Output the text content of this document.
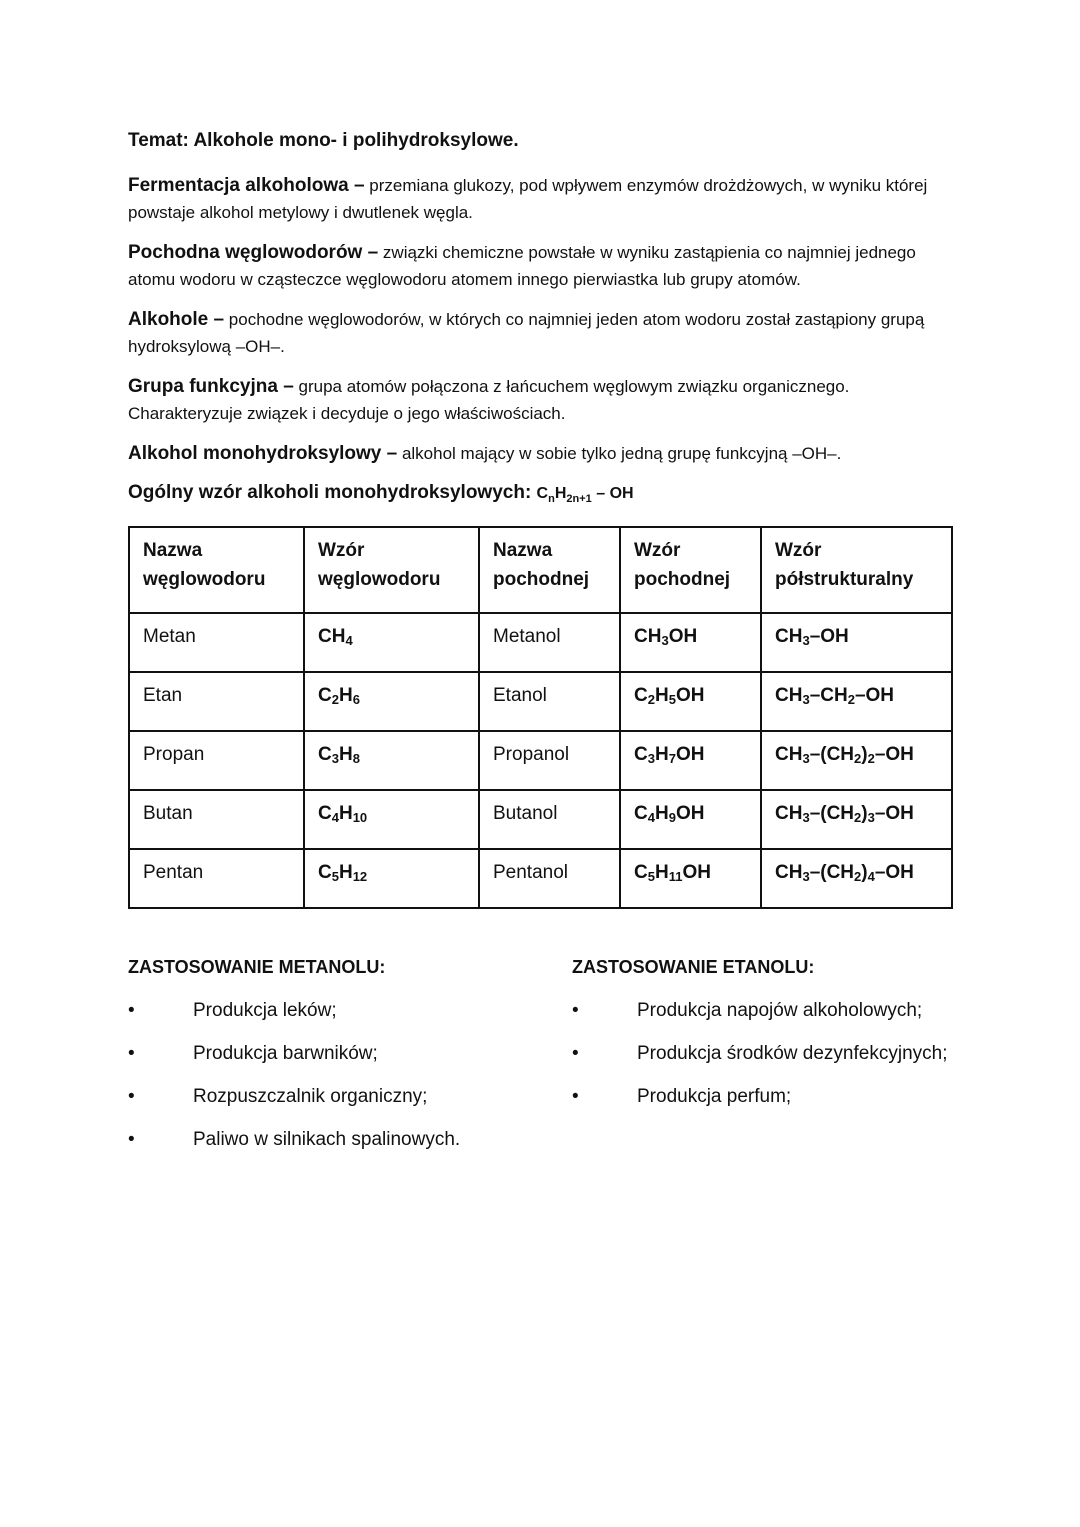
Temat: Alkohole mono- i polihydroksylowe.

Fermentacja alkoholowa – przemiana glukozy, pod wpływem enzymów drożdżowych, w wyniku której powstaje alkohol metylowy i dwutlenek węgla.

Pochodna węglowodorów – związki chemiczne powstałe w wyniku zastąpienia co najmniej jednego atomu wodoru w cząsteczce węglowodoru atomem innego pierwiastka lub grupy atomów.

Alkohole – pochodne węglowodorów, w których co najmniej jeden atom wodoru został zastąpiony grupą hydroksylową –OH–.

Grupa funkcyjna – grupa atomów połączona z łańcuchem węglowym związku organicznego. Charakteryzuje związek i decyduje o jego właściwościach.

Alkohol monohydroksylowy – alkohol mający w sobie tylko jedną grupę funkcyjną –OH–.

Ogólny wzór alkoholi monohydroksylowych: $C_nH_{2n+1}$ – OH

Nazwa węglowodoru	Wzór węglowodoru	Nazwa pochodnej	Wzór pochodnej	Wzór półstrukturalny
Metan	$CH_4$	Metanol	$CH_3OH$	$CH_3-OH$
Etan	$C_2H_6$	Etanol	$C_2H_5OH$	$CH_3-CH_2-OH$
Propan	$C_3H_8$	Propanol	$C_3H_7OH$	$CH_3-(CH_2)_2-OH$
Butan	$C_4H_{10}$	Butanol	$C_4H_9OH$	$CH_3-(CH_2)_3-OH$
Pentan	$C_5H_{12}$	Pentanol	$C_5H_{11}OH$	$CH_3-(CH_2)_4-OH$
ZASTOSOWANIE METANOLU:
•	Produkcja leków;
•	Produkcja barwników;
•	Rozpuszczalnik organiczny;
•	Paliwo w silnikach spalinowych.
ZASTOSOWANIE ETANOLU:
•	Produkcja napojów alkoholowych;
•	Produkcja środków dezynfekcyjnych;
•	Produkcja perfum;
